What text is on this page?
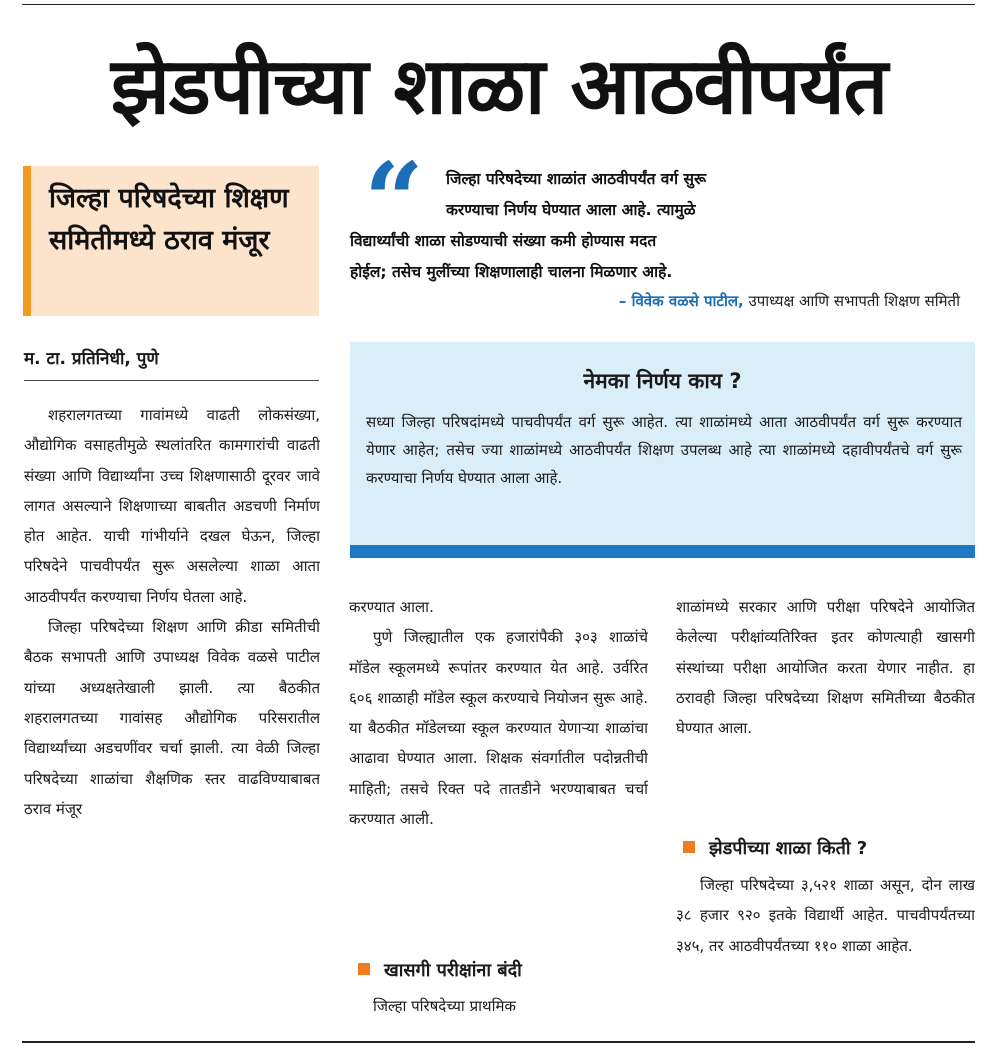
झेडपीच्या शाळा आठवीपर्यंत
जिल्हा परिषदेच्या शिक्षण समितीमध्ये ठराव मंजूर
म. टा. प्रतिनिधी, पुणे

जिल्हा परिषदेच्या शाळांत आठवीपर्यंत वर्ग सुरू

करण्याचा निर्णय घेण्यात आला आहे. त्यामुळे

विद्यार्थ्यांची शाळा सोडण्याची संख्या कमी होण्यास मदत

होईल; तसेच मुलींच्या शिक्षणालाही चालना मिळणार आहे.

“
– विवेक वळसे पाटील, उपाध्यक्ष आणि सभापती शिक्षण समिती
नेमका निर्णय काय ?
सध्या जिल्हा परिषदांमध्ये पाचवीपर्यंत वर्ग सुरू आहेत. त्या शाळांमध्ये आता आठवीपर्यंत वर्ग सुरू करण्यात येणार आहेत; तसेच ज्या शाळांमध्ये आठवीपर्यंत शिक्षण उपलब्ध आहे त्या शाळांमध्ये दहावीपर्यंतचे वर्ग सुरू करण्याचा निर्णय घेण्यात आला आहे.

शहरालगतच्या गावांमध्ये वाढती लोकसंख्या, औद्योगिक वसाहतीमुळे स्थलांतरित कामगारांची वाढती संख्या आणि विद्यार्थ्यांना उच्च शिक्षणासाठी दूरवर जावे लागत असल्याने शिक्षणाच्या बाबतीत अडचणी निर्माण होत आहेत. याची गांभीर्याने दखल घेऊन, जिल्हा परिषदेने पाचवीपर्यंत सुरू असलेल्या शाळा आता आठवीपर्यंत करण्याचा निर्णय घेतला आहे.

जिल्हा परिषदेच्या शिक्षण आणि क्रीडा समितीची बैठक सभापती आणि उपाध्यक्ष विवेक वळसे पाटील यांच्या अध्यक्षतेखाली झाली. त्या बैठकीत शहरालगतच्या गावांसह औद्योगिक परिसरातील विद्यार्थ्यांच्या अडचणींवर चर्चा झाली. त्या वेळी जिल्हा परिषदेच्या शाळांचा शैक्षणिक स्तर वाढविण्याबाबत ठराव मंजूर

करण्यात आला.

पुणे जिल्ह्यातील एक हजारांपैकी ३०३ शाळांचे मॉडेल स्कूलमध्ये रूपांतर करण्यात येत आहे. उर्वरित ६०६ शाळाही मॉडेल स्कूल करण्याचे नियोजन सुरू आहे. या बैठकीत मॉडेलच्या स्कूल करण्यात येणाऱ्या शाळांचा आढावा घेण्यात आला. शिक्षक संवर्गातील पदोन्नतीची माहिती; तसचे रिक्त पदे तातडीने भरण्याबाबत चर्चा करण्यात आली.

खासगी परीक्षांना बंदी

जिल्हा परिषदेच्या प्राथमिक

शाळांमध्ये सरकार आणि परीक्षा परिषदेने आयोजित केलेल्या परीक्षांव्यतिरिक्त इतर कोणत्याही खासगी संस्थांच्या परीक्षा आयोजित करता येणार नाहीत. हा ठरावही जिल्हा परिषदेच्या शिक्षण समितीच्या बैठकीत घेण्यात आला.

झेडपीच्या शाळा किती ?

जिल्हा परिषदेच्या ३,५२१ शाळा असून, दोन लाख ३८ हजार ९२० इतके विद्यार्थी आहेत. पाचवीपर्यंतच्या ३४५, तर आठवीपर्यंतच्या ११० शाळा आहेत.
